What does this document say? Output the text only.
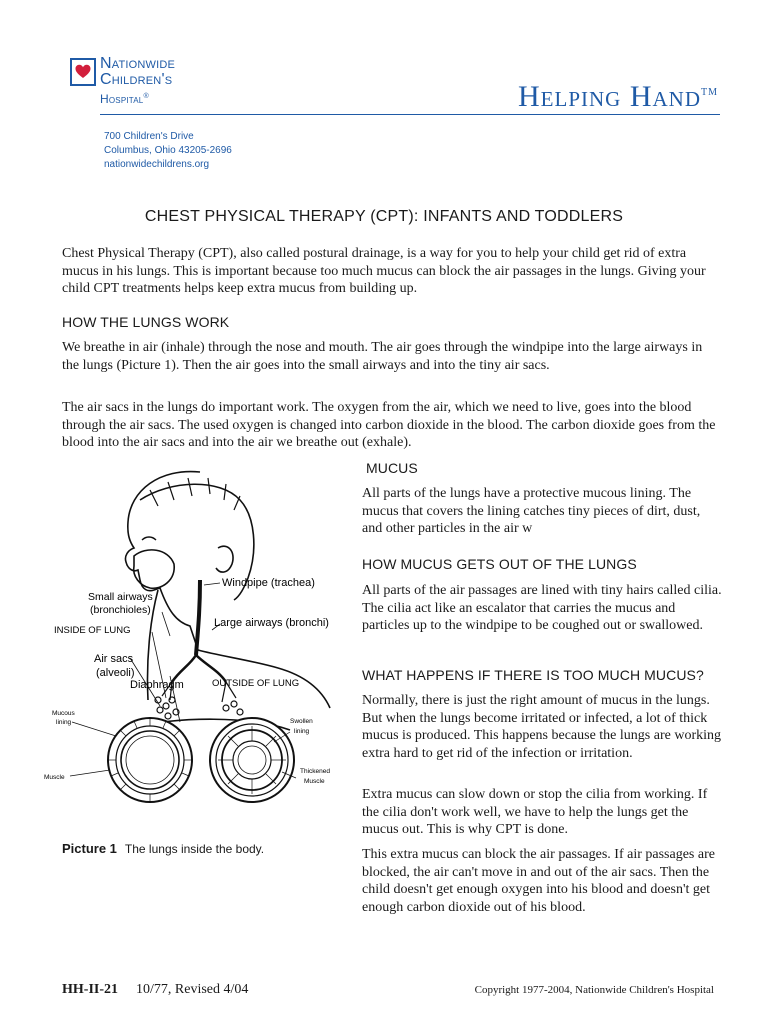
Nationwide
Children's
Hospital®	Helping Hand™
700 Children's Drive
Columbus, Ohio 43205-2696
nationwidechildrens.org
CHEST PHYSICAL THERAPY (CPT): INFANTS AND TODDLERS

Chest Physical Therapy (CPT), also called postural drainage, is a way for you to help your child get rid of extra mucus in his lungs. This is important because too much mucus can block the air passages in the lungs. Giving your child CPT treatments helps keep extra mucus from building up.

HOW THE LUNGS WORK

We breathe in air (inhale) through the nose and mouth. The air goes through the windpipe into the large airways in the lungs (Picture 1). Then the air goes into the small airways and into the tiny air sacs.

The air sacs in the lungs do important work. The oxygen from the air, which we need to live, goes into the blood through the air sacs. The used oxygen is changed into carbon dioxide in the blood. The carbon dioxide goes from the blood into the air sacs and into the air we breathe out (exhale).

MUCUS

All parts of the lungs have a protective mucous lining. The mucus that covers the lining catches tiny pieces of dirt, dust, and other particles in the air w

HOW MUCUS GETS OUT OF THE LUNGS

All parts of the air passages are lined with tiny hairs called cilia. The cilia act like an escalator that carries the mucus and particles up to the windpipe to be coughed out or swallowed.

WHAT HAPPENS IF THERE IS TOO MUCH MUCUS?

Normally, there is just the right amount of mucus in the lungs. But when the lungs become irritated or infected, a lot of thick mucus is produced. This happens because the lungs are working extra hard to get rid of the infection or irritation.

Extra mucus can slow down or stop the cilia from working. If the cilia don't work well, we have to help the lungs get the mucus out. This is why CPT is done.

This extra mucus can block the air passages. If air passages are blocked, the air can't move in and out of the air sacs. Then the child doesn't get enough oxygen into his blood and doesn't get enough carbon dioxide out of his blood.

Windpipe (trachea)
Small airways
(bronchioles)
Large airways (bronchi)
INSIDE OF LUNG
Air sacs
(alveoli)
Diaphragm	OUTSIDE OF LUNG
Mucous
lining
Muscle
Swollen
lining
Thickened
Muscle
Picture 1 The lungs inside the body.
HH-II-21 10/77, Revised 4/04	Copyright 1977-2004, Nationwide Children's Hospital
